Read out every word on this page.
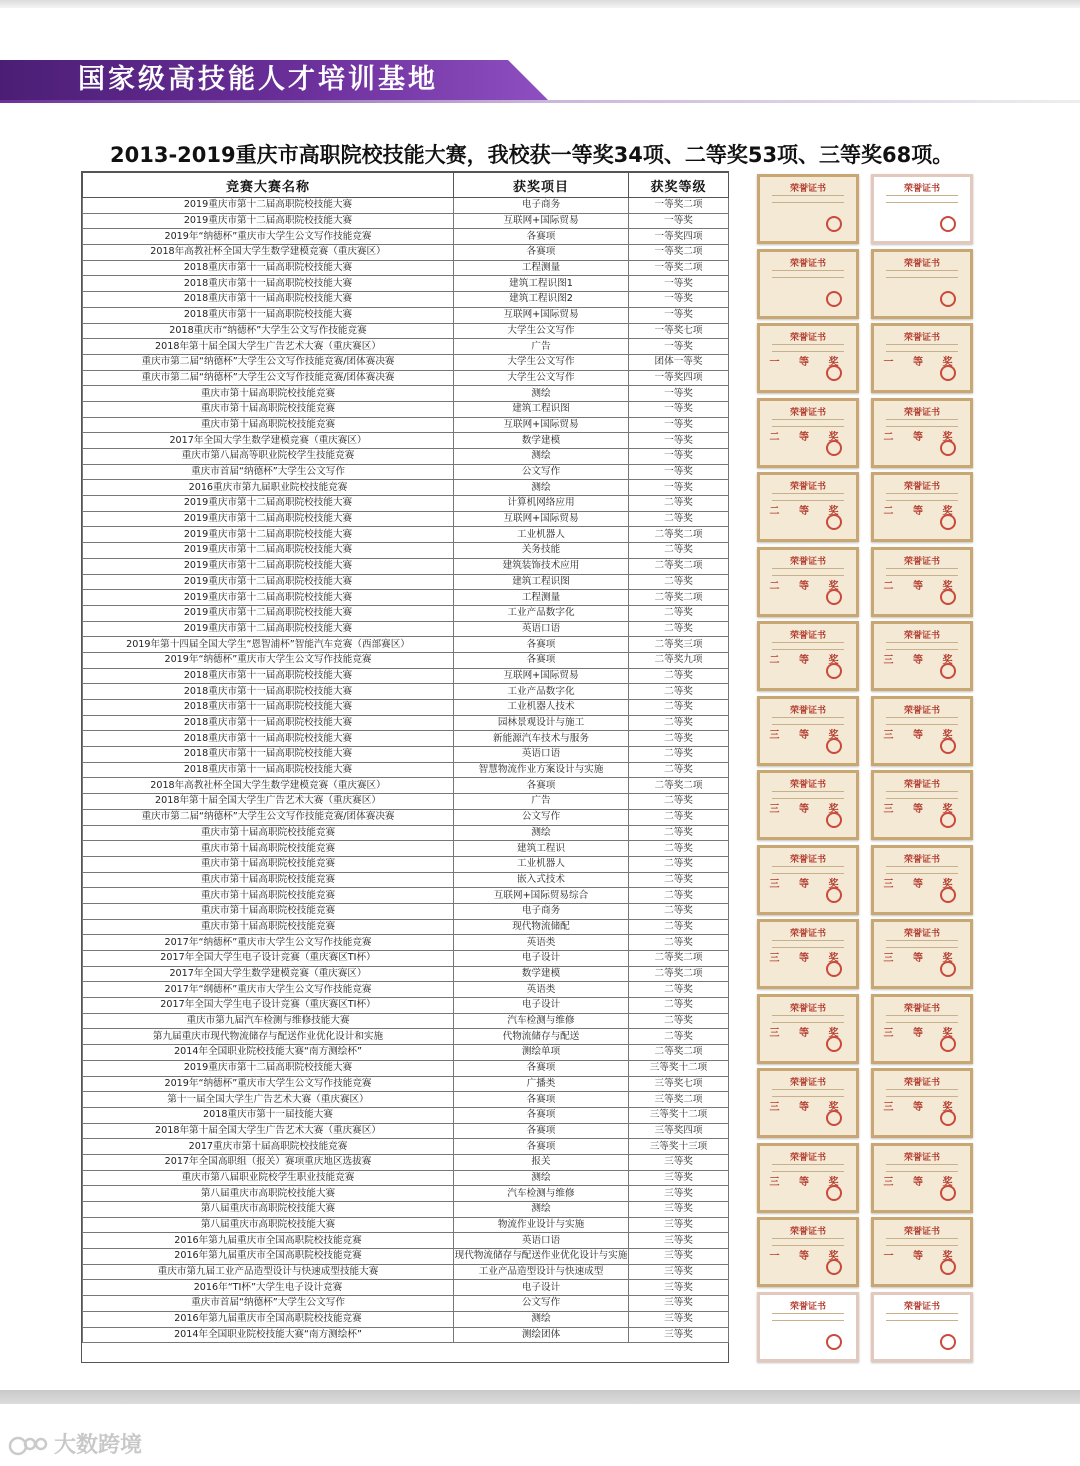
国家级高技能人才培训基地
2013-2019重庆市高职院校技能大赛，我校获一等奖34项、二等奖53项、三等奖68项。
竞赛大赛名称	获奖项目	获奖等级
2019重庆市第十二届高职院校技能大赛	电子商务	一等奖二项
2019重庆市第十二届高职院校技能大赛	互联网+国际贸易	一等奖
2019年“纳德杯”重庆市大学生公文写作技能竞赛	各赛项	一等奖四项
2018年高教社杯全国大学生数学建模竞赛（重庆赛区）	各赛项	一等奖二项
2018重庆市第十一届高职院校技能大赛	工程测量	一等奖二项
2018重庆市第十一届高职院校技能大赛	建筑工程识图1	一等奖
2018重庆市第十一届高职院校技能大赛	建筑工程识图2	一等奖
2018重庆市第十一届高职院校技能大赛	互联网+国际贸易	一等奖
2018重庆市“纳德杯”大学生公文写作技能竞赛	大学生公文写作	一等奖七项
2018年第十届全国大学生广告艺术大赛（重庆赛区）	广告	一等奖
重庆市第二届“纳德杯”大学生公文写作技能竞赛/团体赛决赛	大学生公文写作	团体一等奖
重庆市第二届“纳德杯”大学生公文写作技能竞赛/团体赛决赛	大学生公文写作	一等奖四项
重庆市第十届高职院校技能竞赛	测绘	一等奖
重庆市第十届高职院校技能竞赛	建筑工程识图	一等奖
重庆市第十届高职院校技能竞赛	互联网+国际贸易	一等奖
2017年全国大学生数学建模竞赛（重庆赛区）	数学建模	一等奖
重庆市第八届高等职业院校学生技能竞赛	测绘	一等奖
重庆市首届“纳德杯”大学生公文写作	公文写作	一等奖
2016重庆市第九届职业院校技能竞赛	测绘	一等奖
2019重庆市第十二届高职院校技能大赛	计算机网络应用	二等奖
2019重庆市第十二届高职院校技能大赛	互联网+国际贸易	二等奖
2019重庆市第十二届高职院校技能大赛	工业机器人	二等奖二项
2019重庆市第十二届高职院校技能大赛	关务技能	二等奖
2019重庆市第十二届高职院校技能大赛	建筑装饰技术应用	二等奖二项
2019重庆市第十二届高职院校技能大赛	建筑工程识图	二等奖
2019重庆市第十二届高职院校技能大赛	工程测量	二等奖二项
2019重庆市第十二届高职院校技能大赛	工业产品数字化	二等奖
2019重庆市第十二届高职院校技能大赛	英语口语	二等奖
2019年第十四届全国大学生“恩智浦杯”智能汽车竞赛（西部赛区）	各赛项	二等奖三项
2019年“纳德杯”重庆市大学生公文写作技能竞赛	各赛项	二等奖九项
2018重庆市第十一届高职院校技能大赛	互联网+国际贸易	二等奖
2018重庆市第十一届高职院校技能大赛	工业产品数字化	二等奖
2018重庆市第十一届高职院校技能大赛	工业机器人技术	二等奖
2018重庆市第十一届高职院校技能大赛	园林景观设计与施工	二等奖
2018重庆市第十一届高职院校技能大赛	新能源汽车技术与服务	二等奖
2018重庆市第十一届高职院校技能大赛	英语口语	二等奖
2018重庆市第十一届高职院校技能大赛	智慧物流作业方案设计与实施	二等奖
2018年高教社杯全国大学生数学建模竞赛（重庆赛区）	各赛项	二等奖二项
2018年第十届全国大学生广告艺术大赛（重庆赛区）	广告	二等奖
重庆市第二届“纳德杯”大学生公文写作技能竞赛/团体赛决赛	公文写作	二等奖
重庆市第十届高职院校技能竞赛	测绘	二等奖
重庆市第十届高职院校技能竞赛	建筑工程识	二等奖
重庆市第十届高职院校技能竞赛	工业机器人	二等奖
重庆市第十届高职院校技能竞赛	嵌入式技术	二等奖
重庆市第十届高职院校技能竞赛	互联网+国际贸易综合	二等奖
重庆市第十届高职院校技能竞赛	电子商务	二等奖
重庆市第十届高职院校技能竞赛	现代物流储配	二等奖
2017年“纳德杯”重庆市大学生公文写作技能竞赛	英语类	二等奖
2017年全国大学生电子设计竞赛（重庆赛区TI杯）	电子设计	二等奖二项
2017年全国大学生数学建模竞赛（重庆赛区）	数学建模	二等奖二项
2017年“纲德杯”重庆市大学生公文写作技能竞赛	英语类	二等奖
2017年全国大学生电子设计竞赛（重庆赛区TI杯）	电子设计	二等奖
重庆市第九届汽车检测与维修技能大赛	汽车检测与维修	二等奖
第九届重庆市现代物流储存与配送作业优化设计和实施	代物流储存与配送	二等奖
2014年全国职业院校技能大赛“南方测绘杯”	测绘单项	二等奖二项
2019重庆市第十二届高职院校技能大赛	各赛项	三等奖十二项
2019年“纳德杯”重庆市大学生公文写作技能竞赛	广播类	三等奖七项
第十一届全国大学生广告艺术大赛（重庆赛区）	各赛项	三等奖二项
2018重庆市第十一届技能大赛	各赛项	三等奖十二项
2018年第十届全国大学生广告艺术大赛（重庆赛区）	各赛项	三等奖四项
2017重庆市第十届高职院校技能竞赛	各赛项	三等奖十三项
2017年全国高职组（报关）赛项重庆地区选拔赛	报关	三等奖
重庆市第八届职业院校学生职业技能竞赛	测绘	三等奖
第八届重庆市高职院校技能大赛	汽车检测与维修	三等奖
第八届重庆市高职院校技能大赛	测绘	三等奖
第八届重庆市高职院校技能大赛	物流作业设计与实施	三等奖
2016年第九届重庆市全国高职院校技能竞赛	英语口语	三等奖
2016年第九届重庆市全国高职院校技能竞赛	现代物流储存与配送作业优化设计与实施	三等奖
重庆市第九届工业产品造型设计与快速成型技能大赛	工业产品造型设计与快速成型	三等奖
2016年“TI杯”大学生电子设计竞赛	电子设计	三等奖
重庆市首届“纳德杯”大学生公文写作	公文写作	三等奖
2016年第九届重庆市全国高职院校技能竞赛	测绘	三等奖
2014年全国职业院校技能大赛“南方测绘杯”	测绘团体	三等奖
荣誉证书	荣誉证书
荣誉证书	荣誉证书
荣誉证书
一 等 奖
荣誉证书
一 等 奖
荣誉证书
二 等 奖
荣誉证书
二 等 奖
荣誉证书
二 等 奖
荣誉证书
二 等 奖
荣誉证书
二 等 奖
荣誉证书
二 等 奖
荣誉证书
二 等 奖
荣誉证书
三 等 奖
荣誉证书
三 等 奖
荣誉证书
三 等 奖
荣誉证书
三 等 奖
荣誉证书
三 等 奖
荣誉证书
三 等 奖
荣誉证书
三 等 奖
荣誉证书
三 等 奖
荣誉证书
三 等 奖
荣誉证书
三 等 奖
荣誉证书
三 等 奖
荣誉证书
三 等 奖
荣誉证书
三 等 奖
荣誉证书
三 等 奖
荣誉证书
三 等 奖
荣誉证书
一 等 奖
荣誉证书
一 等 奖
荣誉证书	荣誉证书
大数跨境
